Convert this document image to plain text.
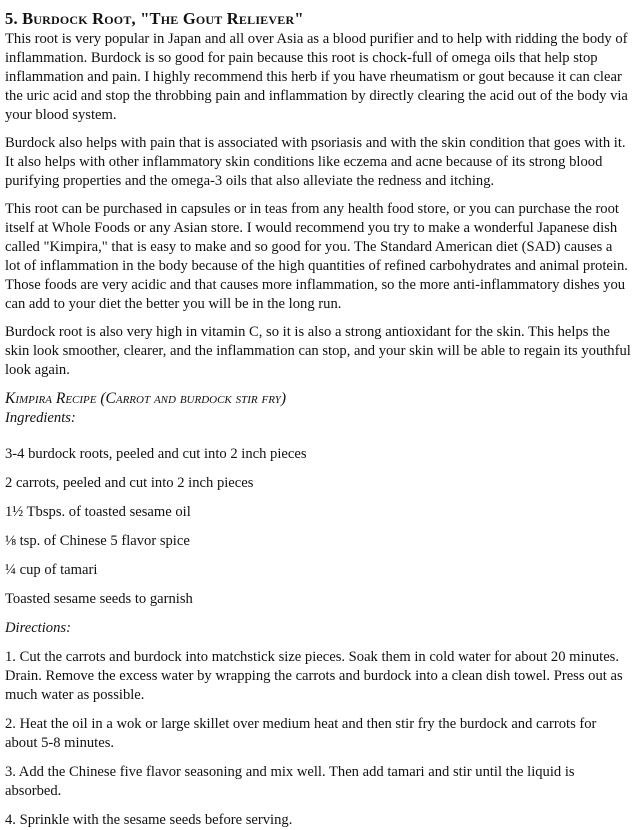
5. Burdock Root, "The Gout Reliever"

This root is very popular in Japan and all over Asia as a blood purifier and to help with ridding the body of inflammation. Burdock is so good for pain because this root is chock-full of omega oils that help stop inflammation and pain. I highly recommend this herb if you have rheumatism or gout because it can clear the uric acid and stop the throbbing pain and inflammation by directly clearing the acid out of the body via your blood system.

Burdock also helps with pain that is associated with psoriasis and with the skin condition that goes with it. It also helps with other inflammatory skin conditions like eczema and acne because of its strong blood purifying properties and the omega-3 oils that also alleviate the redness and itching.

This root can be purchased in capsules or in teas from any health food store, or you can purchase the root itself at Whole Foods or any Asian store. I would recommend you try to make a wonderful Japanese dish called "Kimpira," that is easy to make and so good for you. The Standard American diet (SAD) causes a lot of inflammation in the body because of the high quantities of refined carbohydrates and animal protein. Those foods are very acidic and that causes more inflammation, so the more anti-inflammatory dishes you can add to your diet the better you will be in the long run.

Burdock root is also very high in vitamin C, so it is also a strong antioxidant for the skin. This helps the skin look smoother, clearer, and the inflammation can stop, and your skin will be able to regain its youthful look again.

Kimpira Recipe (Carrot and burdock stir fry)

Ingredients:

3-4 burdock roots, peeled and cut into 2 inch pieces

2 carrots, peeled and cut into 2 inch pieces

1½ Tbsps. of toasted sesame oil

⅛ tsp. of Chinese 5 flavor spice

¼ cup of tamari

Toasted sesame seeds to garnish

Directions:

1. Cut the carrots and burdock into matchstick size pieces. Soak them in cold water for about 20 minutes. Drain. Remove the excess water by wrapping the carrots and burdock into a clean dish towel. Press out as much water as possible.

2. Heat the oil in a wok or large skillet over medium heat and then stir fry the burdock and carrots for about 5-8 minutes.

3. Add the Chinese five flavor seasoning and mix well. Then add tamari and stir until the liquid is absorbed.

4. Sprinkle with the sesame seeds before serving.
